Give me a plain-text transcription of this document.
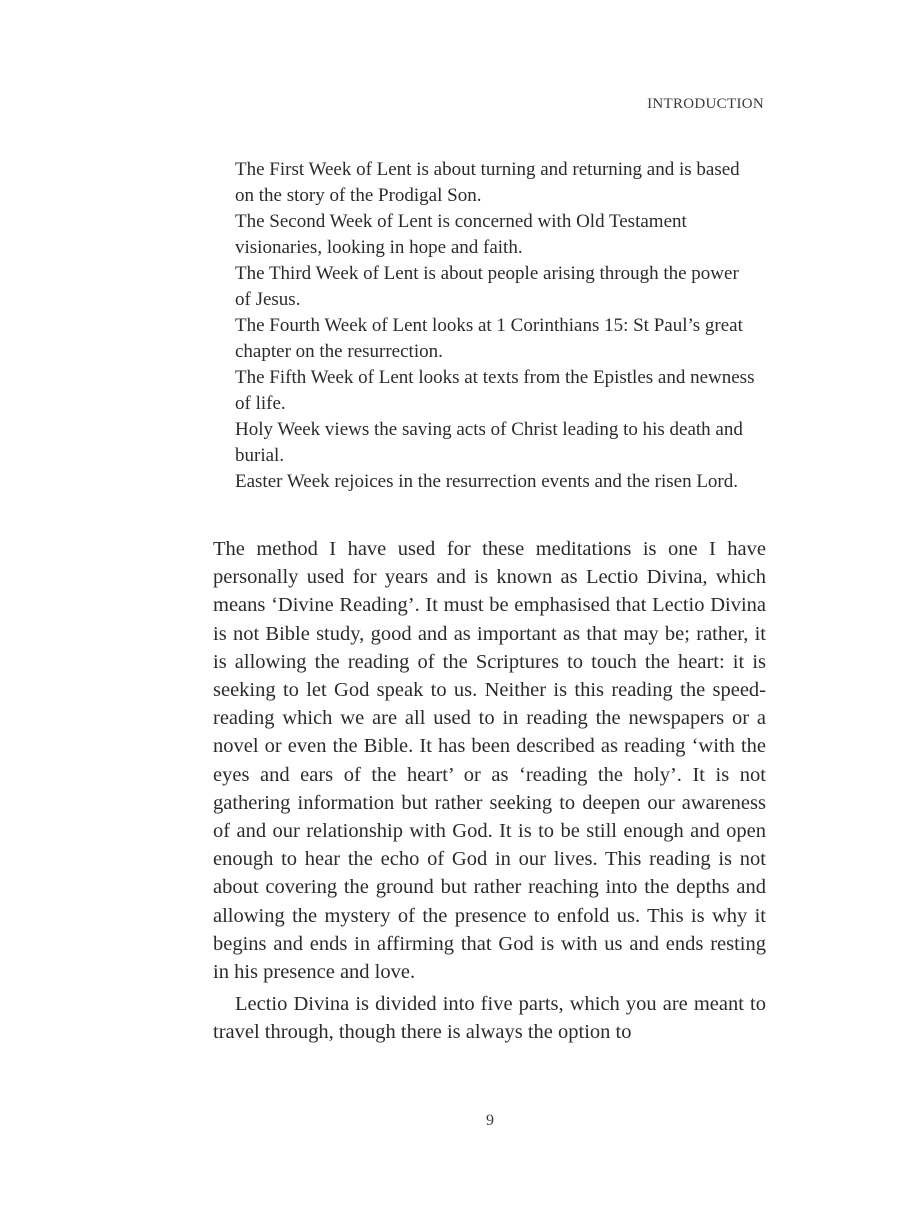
INTRODUCTION
The First Week of Lent is about turning and returning and is based on the story of the Prodigal Son.
The Second Week of Lent is concerned with Old Testament visionaries, looking in hope and faith.
The Third Week of Lent is about people arising through the power of Jesus.
The Fourth Week of Lent looks at 1 Corinthians 15: St Paul’s great chapter on the resurrection.
The Fifth Week of Lent looks at texts from the Epistles and newness of life.
Holy Week views the saving acts of Christ leading to his death and burial.
Easter Week rejoices in the resurrection events and the risen Lord.

The method I have used for these meditations is one I have personally used for years and is known as Lectio Divina, which means ‘Divine Reading’. It must be emphasised that Lectio Divina is not Bible study, good and as important as that may be; rather, it is allowing the reading of the Scriptures to touch the heart: it is seeking to let God speak to us. Neither is this reading the speed-reading which we are all used to in reading the newspapers or a novel or even the Bible. It has been described as reading ‘with the eyes and ears of the heart’ or as ‘reading the holy’. It is not gathering information but rather seeking to deepen our awareness of and our relationship with God. It is to be still enough and open enough to hear the echo of God in our lives. This reading is not about covering the ground but rather reaching into the depths and allowing the mystery of the presence to enfold us. This is why it begins and ends in affirming that God is with us and ends resting in his presence and love.

Lectio Divina is divided into five parts, which you are meant to travel through, though there is always the option to

9
